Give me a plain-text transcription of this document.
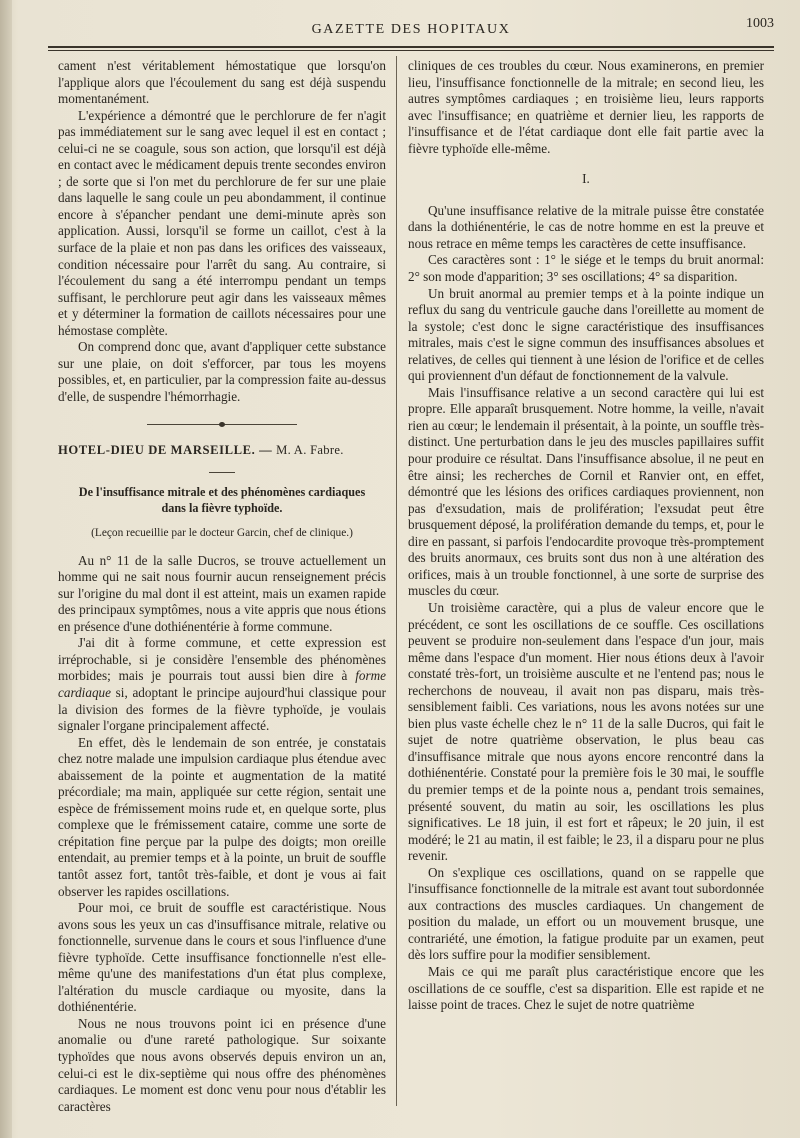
GAZETTE DES HOPITAUX	1003

cament n'est véritablement hémostatique que lorsqu'on l'applique alors que l'écoulement du sang est déjà suspendu momentanément.

L'expérience a démontré que le perchlorure de fer n'agit pas immédiatement sur le sang avec lequel il est en contact ; celui-ci ne se coagule, sous son action, que lorsqu'il est déjà en contact avec le médicament depuis trente secondes environ ; de sorte que si l'on met du perchlorure de fer sur une plaie dans laquelle le sang coule un peu abondamment, il continue encore à s'épancher pendant une demi-minute après son application. Aussi, lorsqu'il se forme un caillot, c'est à la surface de la plaie et non pas dans les orifices des vaisseaux, condition nécessaire pour l'arrêt du sang. Au contraire, si l'écoulement du sang a été interrompu pendant un temps suffisant, le perchlorure peut agir dans les vaisseaux mêmes et y déterminer la formation de caillots nécessaires pour une hémostase complète.

On comprend donc que, avant d'appliquer cette substance sur une plaie, on doit s'efforcer, par tous les moyens possibles, et, en particulier, par la compression faite au-dessus d'elle, de suspendre l'hémorrhagie.

HOTEL-DIEU DE MARSEILLE. — M. A. Fabre.

De l'insuffisance mitrale et des phénomènes cardiaques dans la fièvre typhoïde.

(Leçon recueillie par le docteur Garcin, chef de clinique.)

Au n° 11 de la salle Ducros, se trouve actuellement un homme qui ne sait nous fournir aucun renseignement précis sur l'origine du mal dont il est atteint, mais un examen rapide des principaux symptômes, nous a vite appris que nous étions en présence d'une dothiénentérie à forme commune.

J'ai dit à forme commune, et cette expression est irréprochable, si je considère l'ensemble des phénomènes morbides; mais je pourrais tout aussi bien dire à forme cardiaque si, adoptant le principe aujourd'hui classique pour la division des formes de la fièvre typhoïde, je voulais signaler l'organe principalement affecté.

En effet, dès le lendemain de son entrée, je constatais chez notre malade une impulsion cardiaque plus étendue avec abaissement de la pointe et augmentation de la matité précordiale; ma main, appliquée sur cette région, sentait une espèce de frémissement moins rude et, en quelque sorte, plus complexe que le frémissement cataire, comme une sorte de crépitation fine perçue par la pulpe des doigts; mon oreille entendait, au premier temps et à la pointe, un bruit de souffle tantôt assez fort, tantôt très-faible, et dont je vous ai fait observer les rapides oscillations.

Pour moi, ce bruit de souffle est caractéristique. Nous avons sous les yeux un cas d'insuffisance mitrale, relative ou fonctionnelle, survenue dans le cours et sous l'influence d'une fièvre typhoïde. Cette insuffisance fonctionnelle n'est elle-même qu'une des manifestations d'un état plus complexe, l'altération du muscle cardiaque ou myosite, dans la dothiénentérie.

Nous ne nous trouvons point ici en présence d'une anomalie ou d'une rareté pathologique. Sur soixante typhoïdes que nous avons observés depuis environ un an, celui-ci est le dix-septième qui nous offre des phénomènes cardiaques. Le moment est donc venu pour nous d'établir les caractères

cliniques de ces troubles du cœur. Nous examinerons, en premier lieu, l'insuffisance fonctionnelle de la mitrale; en second lieu, les autres symptômes cardiaques ; en troisième lieu, leurs rapports avec l'insuffisance; en quatrième et dernier lieu, les rapports de l'insuffisance et de l'état cardiaque dont elle fait partie avec la fièvre typhoïde elle-même.

I.

Qu'une insuffisance relative de la mitrale puisse être constatée dans la dothiénentérie, le cas de notre homme en est la preuve et nous retrace en même temps les caractères de cette insuffisance.

Ces caractères sont : 1° le siége et le temps du bruit anormal: 2° son mode d'apparition; 3° ses oscillations; 4° sa disparition.

Un bruit anormal au premier temps et à la pointe indique un reflux du sang du ventricule gauche dans l'oreillette au moment de la systole; c'est donc le signe caractéristique des insuffisances mitrales, mais c'est le signe commun des insuffisances absolues et relatives, de celles qui tiennent à une lésion de l'orifice et de celles qui proviennent d'un défaut de fonctionnement de la valvule.

Mais l'insuffisance relative a un second caractère qui lui est propre. Elle apparaît brusquement. Notre homme, la veille, n'avait rien au cœur; le lendemain il présentait, à la pointe, un souffle très-distinct. Une perturbation dans le jeu des muscles papillaires suffit pour produire ce résultat. Dans l'insuffisance absolue, il ne peut en être ainsi; les recherches de Cornil et Ranvier ont, en effet, démontré que les lésions des orifices cardiaques proviennent, non pas d'exsudation, mais de prolifération; l'exsudat peut être brusquement déposé, la prolifération demande du temps, et, pour le dire en passant, si parfois l'endocardite provoque très-promptement des bruits anormaux, ces bruits sont dus non à une altération des orifices, mais à un trouble fonctionnel, à une sorte de surprise des muscles du cœur.

Un troisième caractère, qui a plus de valeur encore que le précédent, ce sont les oscillations de ce souffle. Ces oscillations peuvent se produire non-seulement dans l'espace d'un jour, mais même dans l'espace d'un moment. Hier nous étions deux à l'avoir constaté très-fort, un troisième ausculte et ne l'entend pas; nous le recherchons de nouveau, il avait non pas disparu, mais très-sensiblement faibli. Ces variations, nous les avons notées sur une bien plus vaste échelle chez le n° 11 de la salle Ducros, qui fait le sujet de notre quatrième observation, le plus beau cas d'insuffisance mitrale que nous ayons encore rencontré dans la dothiénentérie. Constaté pour la première fois le 30 mai, le souffle du premier temps et de la pointe nous a, pendant trois semaines, présenté souvent, du matin au soir, les oscillations les plus significatives. Le 18 juin, il est fort et râpeux; le 20 juin, il est modéré; le 21 au matin, il est faible; le 23, il a disparu pour ne plus revenir.

On s'explique ces oscillations, quand on se rappelle que l'insuffisance fonctionnelle de la mitrale est avant tout subordonnée aux contractions des muscles cardiaques. Un changement de position du malade, un effort ou un mouvement brusque, une contrariété, une émotion, la fatigue produite par un examen, peut dès lors suffire pour la modifier sensiblement.

Mais ce qui me paraît plus caractéristique encore que les oscillations de ce souffle, c'est sa disparition. Elle est rapide et ne laisse point de traces. Chez le sujet de notre quatrième
